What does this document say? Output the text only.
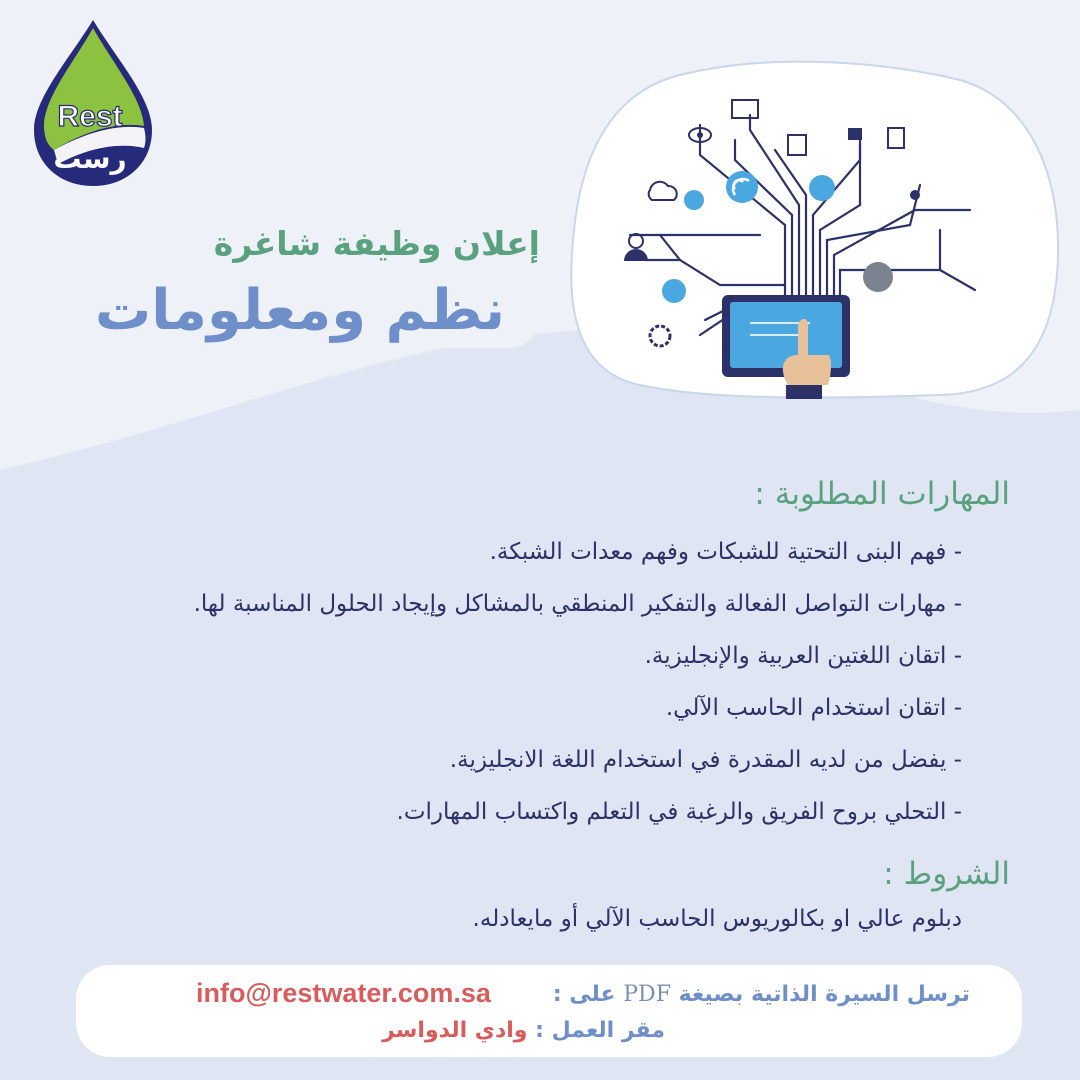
Rest
رست
إعلان وظيفة شاغرة
نظم ومعلومات
المهارات المطلوبة :
- فهم البنى التحتية للشبكات وفهم معدات الشبكة.
- مهارات التواصل الفعالة والتفكير المنطقي بالمشاكل وإيجاد الحلول المناسبة لها.
- اتقان اللغتين العربية والإنجليزية.
- اتقان استخدام الحاسب الآلي.
- يفضل من لديه المقدرة في استخدام اللغة الانجليزية.
- التحلي بروح الفريق والرغبة في التعلم واكتساب المهارات.
الشروط :
دبلوم عالي او بكالوريوس الحاسب الآلي أو مايعادله.
ترسل السيرة الذاتية بصيغة PDF على :
info@restwater.com.sa
مقر العمل : وادي الدواسر
